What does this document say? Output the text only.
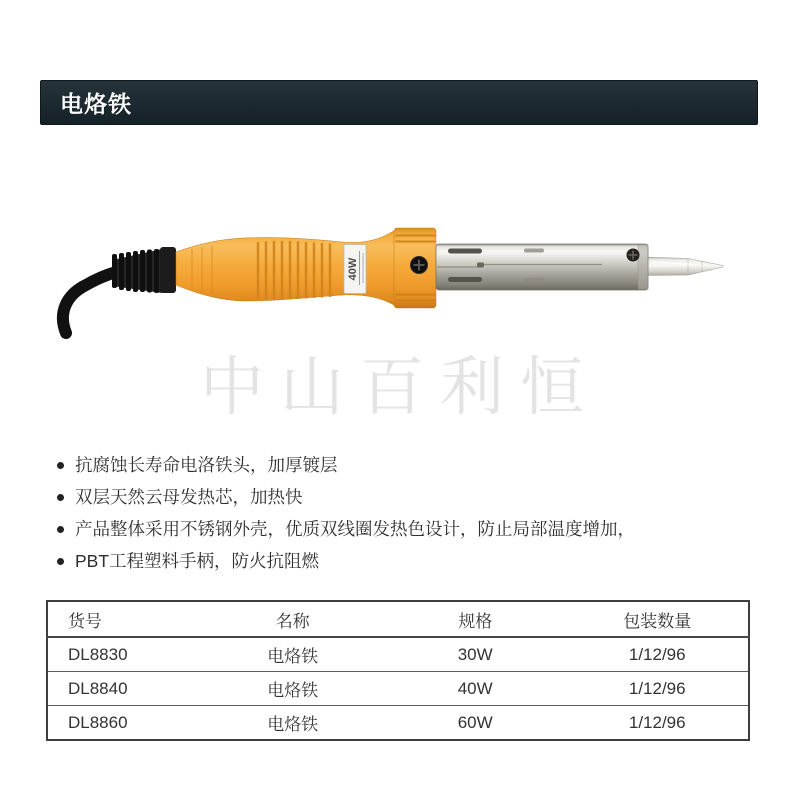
电烙铁
40W
中山百利恒
抗腐蚀长寿命电洛铁头，加厚镀层
双层天然云母发热芯，加热快
产品整体采用不锈钢外壳，优质双线圈发热色设计，防止局部温度增加，
PBT工程塑料手柄，防火抗阻燃
货号	名称	规格	包装数量
DL8830	电烙铁	30W	1/12/96
DL8840	电烙铁	40W	1/12/96
DL8860	电烙铁	60W	1/12/96
